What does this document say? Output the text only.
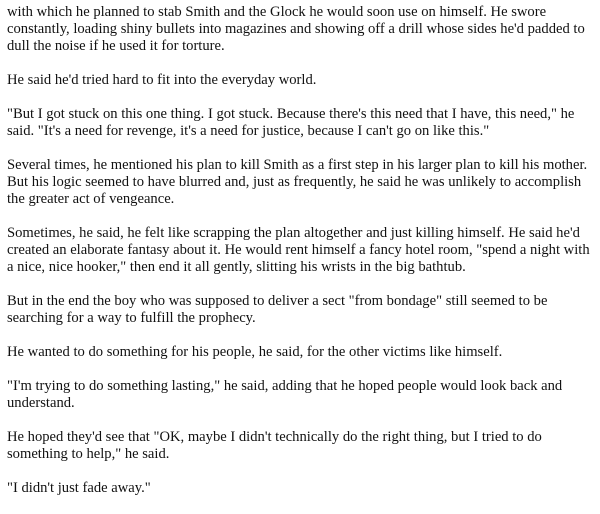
with which he planned to stab Smith and the Glock he would soon use on himself. He swore constantly, loading shiny bullets into magazines and showing off a drill whose sides he'd padded to dull the noise if he used it for torture.

He said he'd tried hard to fit into the everyday world.

"But I got stuck on this one thing. I got stuck. Because there's this need that I have, this need," he said. "It's a need for revenge, it's a need for justice, because I can't go on like this."

Several times, he mentioned his plan to kill Smith as a first step in his larger plan to kill his mother. But his logic seemed to have blurred and, just as frequently, he said he was unlikely to accomplish the greater act of vengeance.

Sometimes, he said, he felt like scrapping the plan altogether and just killing himself. He said he'd created an elaborate fantasy about it. He would rent himself a fancy hotel room, "spend a night with a nice, nice hooker," then end it all gently, slitting his wrists in the big bathtub.

But in the end the boy who was supposed to deliver a sect "from bondage" still seemed to be searching for a way to fulfill the prophecy.

He wanted to do something for his people, he said, for the other victims like himself.

"I'm trying to do something lasting," he said, adding that he hoped people would look back and understand.

He hoped they'd see that "OK, maybe I didn't technically do the right thing, but I tried to do something to help," he said.

"I didn't just fade away."
